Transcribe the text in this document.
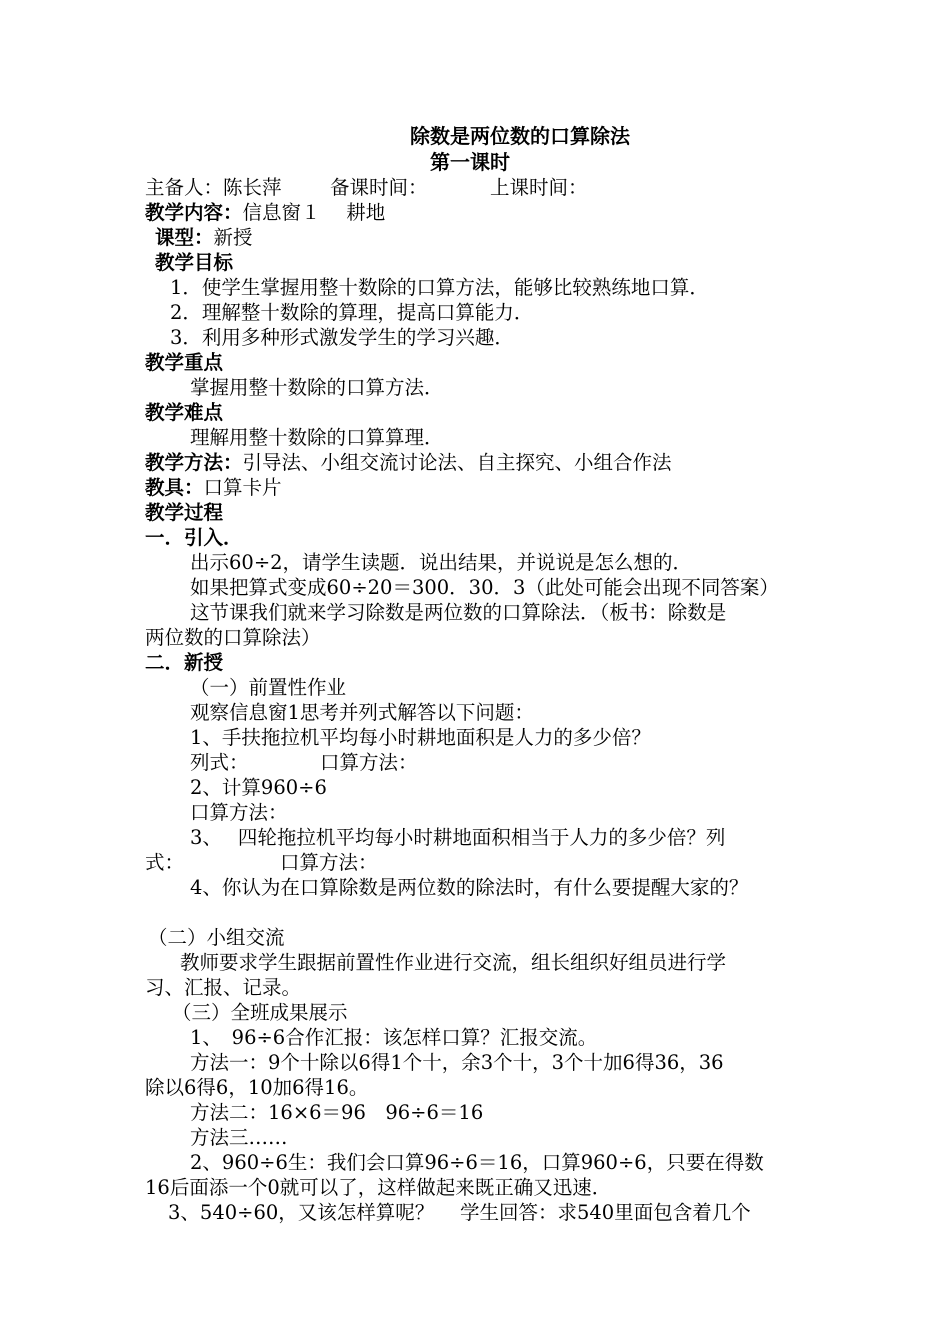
除数是两位数的口算除法
第一课时
主备人：陈长萍 备课时间：	上课时间：
教学内容：信息窗１　 耕地
课型：新授
教学目标
1．使学生掌握用整十数除的口算方法，能够比较熟练地口算．
2．理解整十数除的算理，提高口算能力．
3．利用多种形式激发学生的学习兴趣．
教学重点
掌握用整十数除的口算方法．
教学难点
理解用整十数除的口算算理．
教学方法：引导法、小组交流讨论法、自主探究、小组合作法
教具：口算卡片
教学过程
一．引入．
出示60÷2，请学生读题．说出结果，并说说是怎么想的．
如果把算式变成60÷20＝300．30．3（此处可能会出现不同答案）
这节课我们就来学习除数是两位数的口算除法．（板书：除数是
两位数的口算除法）
二．新授
（一）前置性作业
观察信息窗1思考并列式解答以下问题：
1、手扶拖拉机平均每小时耕地面积是人力的多少倍？
列式：	口算方法：
2、计算960÷6
口算方法：
3、　 四轮拖拉机平均每小时耕地面积相当于人力的多少倍？列
式：	口算方法：
4、你认为在口算除数是两位数的除法时，有什么要提醒大家的？
（二）小组交流
教师要求学生跟据前置性作业进行交流，组长组织好组员进行学
习、汇报、记录。
（三）全班成果展示
1、　96÷6合作汇报：该怎样口算？汇报交流。
方法一：9个十除以6得1个十，余3个十，3个十加6得36，36
除以6得6，10加6得16。
方法二：16×6＝96　96÷6＝16
方法三……
2、960÷6生：我们会口算96÷6＝16，口算960÷6，只要在得数
16后面添一个0就可以了，这样做起来既正确又迅速．
3、540÷60，又该怎样算呢？　 学生回答：求540里面包含着几个
